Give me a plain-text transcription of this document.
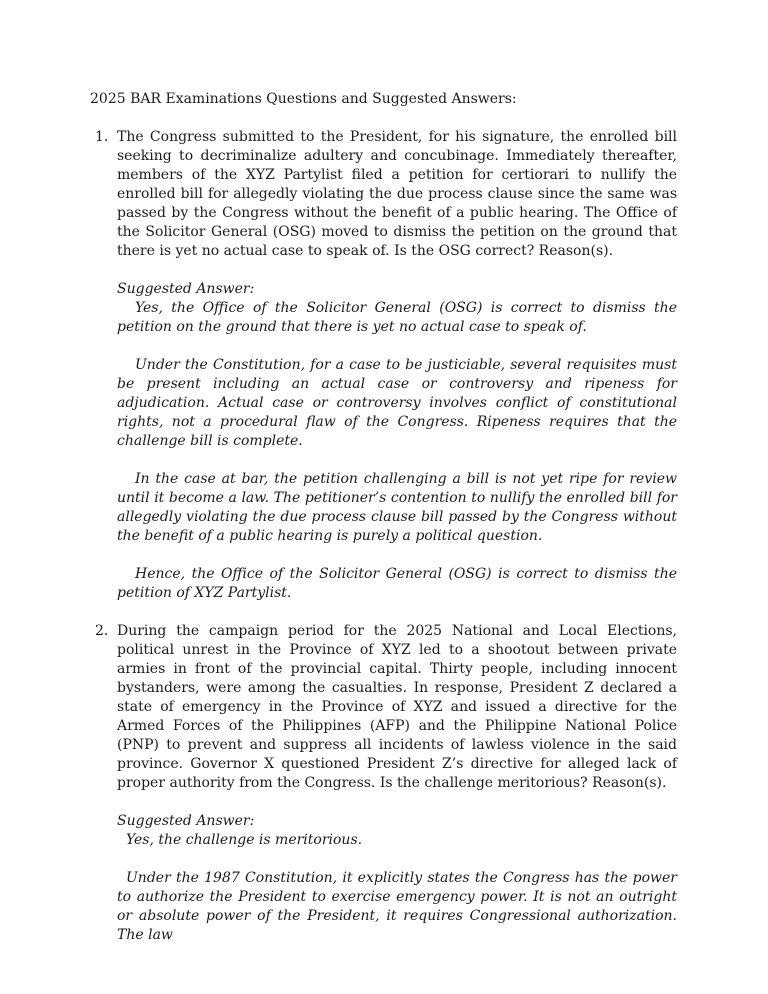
2025 BAR Examinations Questions and Suggested Answers:

1. The Congress submitted to the President, for his signature, the enrolled bill seeking to decriminalize adultery and concubinage. Immediately thereafter, members of the XYZ Partylist filed a petition for certiorari to nullify the enrolled bill for allegedly violating the due process clause since the same was passed by the Congress without the benefit of a public hearing. The Office of the Solicitor General (OSG) moved to dismiss the petition on the ground that there is yet no actual case to speak of. Is the OSG correct? Reason(s).

Suggested Answer:

Yes, the Office of the Solicitor General (OSG) is correct to dismiss the petition on the ground that there is yet no actual case to speak of.

Under the Constitution, for a case to be justiciable, several requisites must be present including an actual case or controversy and ripeness for adjudication. Actual case or controversy involves conflict of constitutional rights, not a procedural flaw of the Congress. Ripeness requires that the challenge bill is complete.

In the case at bar, the petition challenging a bill is not yet ripe for review until it become a law. The petitioner’s contention to nullify the enrolled bill for allegedly violating the due process clause bill passed by the Congress without the benefit of a public hearing is purely a political question.

Hence, the Office of the Solicitor General (OSG) is correct to dismiss the petition of XYZ Partylist.

2. During the campaign period for the 2025 National and Local Elections, political unrest in the Province of XYZ led to a shootout between private armies in front of the provincial capital. Thirty people, including innocent bystanders, were among the casualties. In response, President Z declared a state of emergency in the Province of XYZ and issued a directive for the Armed Forces of the Philippines (AFP) and the Philippine National Police (PNP) to prevent and suppress all incidents of lawless violence in the said province. Governor X questioned President Z’s directive for alleged lack of proper authority from the Congress. Is the challenge meritorious? Reason(s).

Suggested Answer:

Yes, the challenge is meritorious.

Under the 1987 Constitution, it explicitly states the Congress has the power to authorize the President to exercise emergency power. It is not an outright or absolute power of the President, it requires Congressional authorization. The law
